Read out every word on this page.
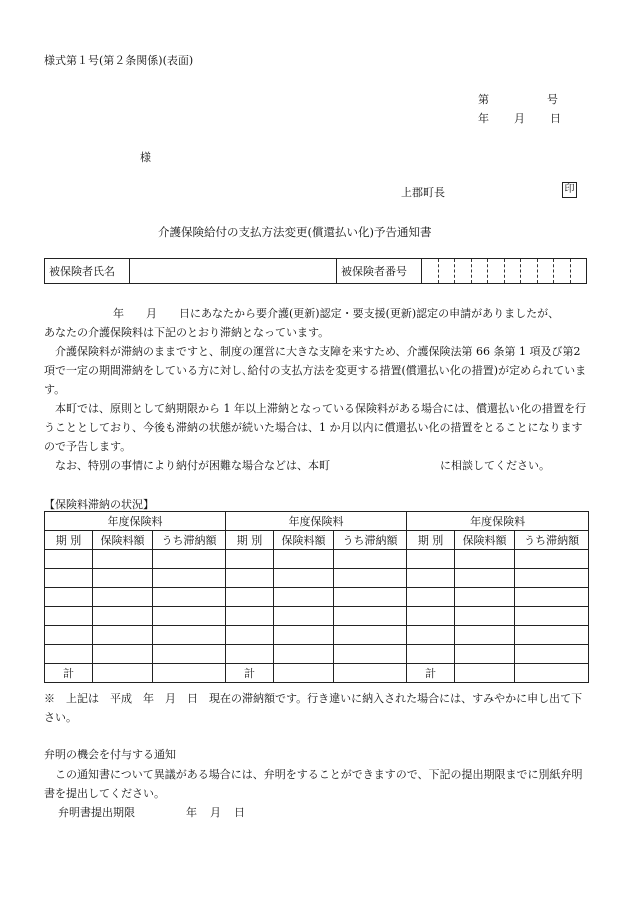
様式第１号(第２条関係)(表面)
第　　　　　号
年　　月　　日
様
上郡町長	印
介護保険給付の支払方法変更(償還払い化)予告通知書
被保険者氏名		被保険者番号	

　年　　月　　日にあなたから要介護(更新)認定・要支援(更新)認定の申請がありましたが、

あなたの介護保険料は下記のとおり滞納となっています。

介護保険料が滞納のままですと、制度の運営に大きな支障を来すため、介護保険法第 66 条第 1 項及び第2項で一定の期間滞納をしている方に対し､給付の支払方法を変更する措置(償還払い化の措置)が定められています。

本町では、原則として納期限から 1 年以上滞納となっている保険料がある場合には、償還払い化の措置を行うこととしており、今後も滞納の状態が続いた場合は、1 か月以内に償還払い化の措置をとることになりますので予告します。

なお、特別の事情により納付が困難な場合などは、本町　　　　　　　　　　に相談してください。

【保険料滞納の状況】
年度保険料			年度保険料			年度保険料		
期 別	保険料額	うち滞納額	期 別	保険料額	うち滞納額	期 別	保険料額	うち滞納額

計			計			計		

※　上記は　平成　年　月　日　現在の滞納額です。行き違いに納入された場合には、すみやかに申し出て下さい。

弁明の機会を付与する通知

この通知書について異議がある場合には、弁明をすることができますので、下記の提出期限までに別紙弁明書を提出してください。

弁明書提出期限	年　月　日
